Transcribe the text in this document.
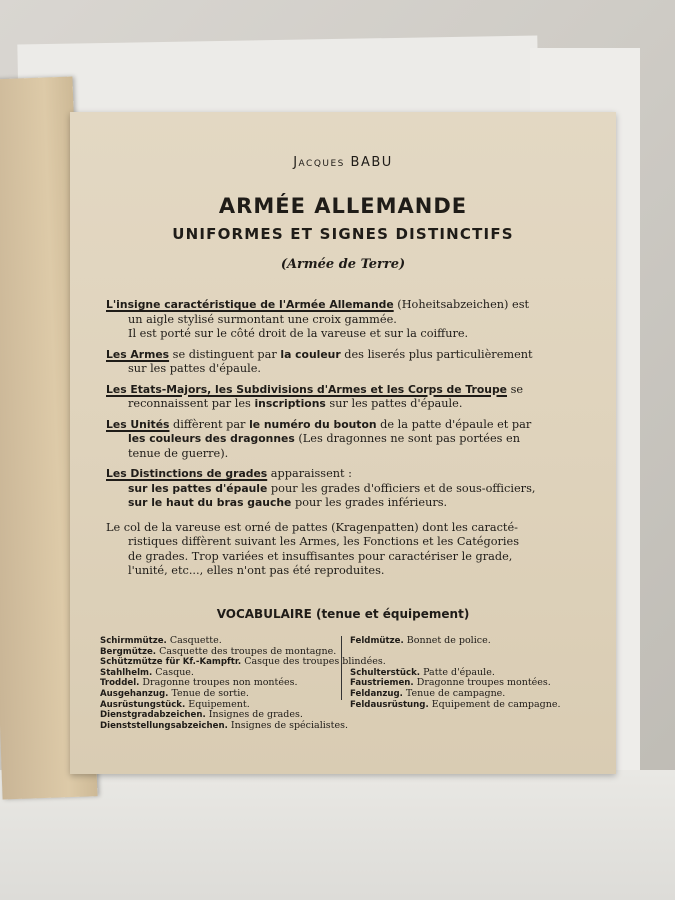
Jacques BABU
ARMÉE ALLEMANDE
UNIFORMES ET SIGNES DISTINCTIFS
(Armée de Terre)
L'insigne caractéristique de l'Armée Allemande (Hoheitsabzeichen) est
un aigle stylisé surmontant une croix gammée.
Il est porté sur le côté droit de la vareuse et sur la coiffure.
Les Armes se distinguent par la couleur des liserés plus particulièrement
sur les pattes d'épaule.
Les Etats-Majors, les Subdivisions d'Armes et les Corps de Troupe se
reconnaissent par les inscriptions sur les pattes d'épaule.
Les Unités diffèrent par le numéro du bouton de la patte d'épaule et par
les couleurs des dragonnes (Les dragonnes ne sont pas portées en
tenue de guerre).
Les Distinctions de grades apparaissent :
sur les pattes d'épaule pour les grades d'officiers et de sous-officiers,
sur le haut du bras gauche pour les grades inférieurs.
Le col de la vareuse est orné de pattes (Kragenpatten) dont les caracté-
ristiques diffèrent suivant les Armes, les Fonctions et les Catégories
de grades. Trop variées et insuffisantes pour caractériser le grade,
l'unité, etc..., elles n'ont pas été reproduites.
VOCABULAIRE (tenue et équipement)
Schirmmütze. Casquette.
Bergmütze. Casquette des troupes de montagne.
Schützmütze für Kf.-Kampftr. Casque des troupes blindées.
Stahlhelm. Casque.
Troddel. Dragonne troupes non montées.
Ausgehanzug. Tenue de sortie.
Ausrüstungstück. Equipement.
Dienstgradabzeichen. Insignes de grades.
Dienststellungsabzeichen. Insignes de spécialistes.
Feldmütze. Bonnet de police.

Schulterstück. Patte d'épaule.
Faustriemen. Dragonne troupes montées.
Feldanzug. Tenue de campagne.
Feldausrüstung. Equipement de campagne.
